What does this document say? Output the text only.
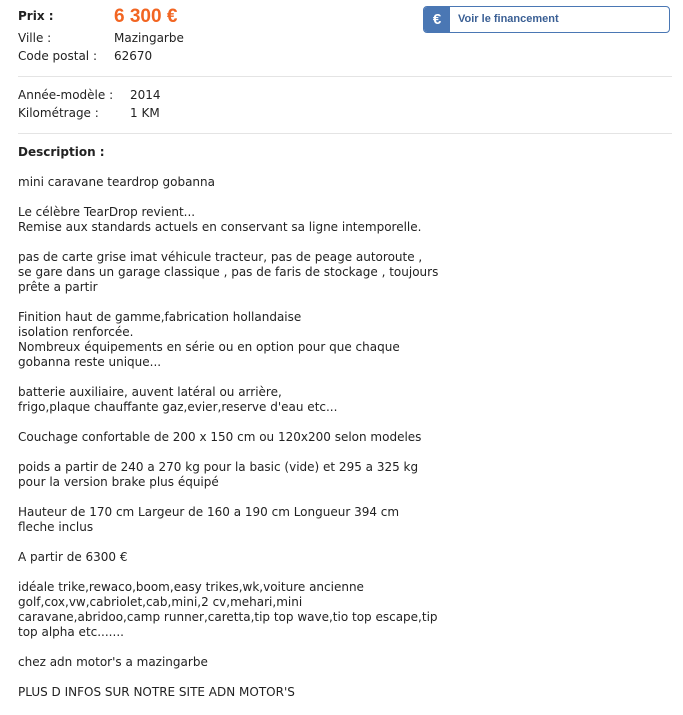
Prix :	6 300 €
Ville :	Mazingarbe
Code postal : 62670
€	Voir le financement
Année-modèle : 2014
Kilométrage :	1 KM
Description :

mini caravane teardrop gobanna

Le célèbre TearDrop revient...
Remise aux standards actuels en conservant sa ligne intemporelle.

pas de carte grise imat véhicule tracteur, pas de peage autoroute ,
se gare dans un garage classique , pas de faris de stockage , toujours
prête a partir

Finition haut de gamme,fabrication hollandaise
isolation renforcée.
Nombreux équipements en série ou en option pour que chaque
gobanna reste unique...

batterie auxiliaire, auvent latéral ou arrière,
frigo,plaque chauffante gaz,evier,reserve d'eau etc...

Couchage confortable de 200 x 150 cm ou 120x200 selon modeles

poids a partir de 240 a 270 kg pour la basic (vide) et 295 a 325 kg
pour la version brake plus équipé

Hauteur de 170 cm Largeur de 160 a 190 cm Longueur 394 cm
fleche inclus

A partir de 6300 €

idéale trike,rewaco,boom,easy trikes,wk,voiture ancienne
golf,cox,vw,cabriolet,cab,mini,2 cv,mehari,mini
caravane,abridoo,camp runner,caretta,tip top wave,tio top escape,tip
top alpha etc.......

chez adn motor's a mazingarbe

PLUS D INFOS SUR NOTRE SITE ADN MOTOR'S
